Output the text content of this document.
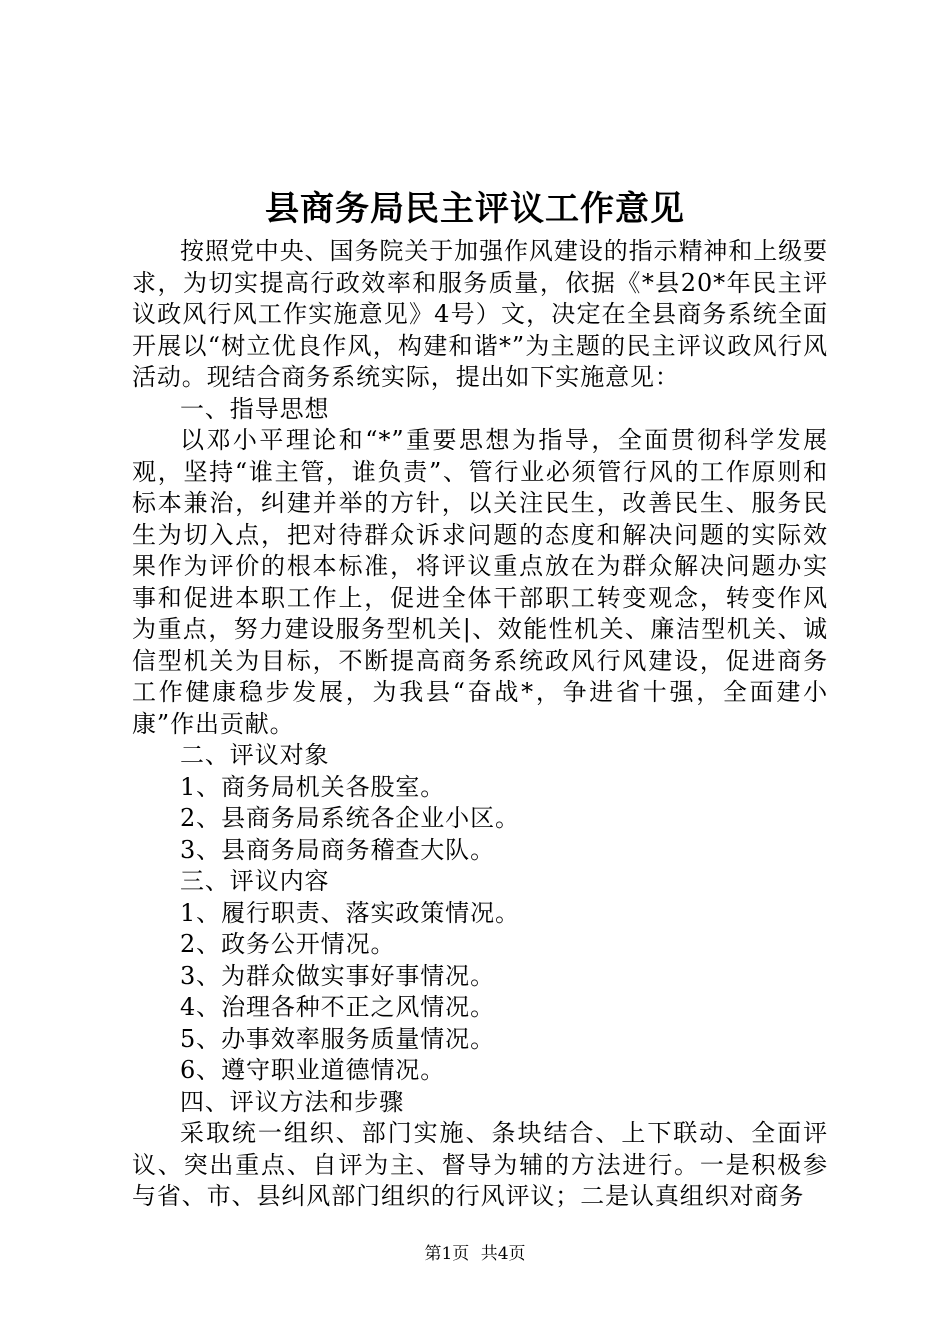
县商务局民主评议工作意见

按照党中央、国务院关于加强作风建设的指示精神和上级要求，为切实提高行政效率和服务质量，依据《*县20*年民主评议政风行风工作实施意见》4号）文，决定在全县商务系统全面开展以“树立优良作风，构建和谐*”为主题的民主评议政风行风活动。现结合商务系统实际，提出如下实施意见：

一、指导思想

以邓小平理论和“*”重要思想为指导，全面贯彻科学发展观，坚持“谁主管，谁负责”、管行业必须管行风的工作原则和标本兼治，纠建并举的方针，以关注民生，改善民生、服务民生为切入点，把对待群众诉求问题的态度和解决问题的实际效果作为评价的根本标准，将评议重点放在为群众解决问题办实事和促进本职工作上，促进全体干部职工转变观念，转变作风为重点，努力建设服务型机关|、效能性机关、廉洁型机关、诚信型机关为目标，不断提高商务系统政风行风建设，促进商务工作健康稳步发展，为我县“奋战*，争进省十强，全面建小康”作出贡献。

二、评议对象

1、商务局机关各股室。

2、县商务局系统各企业小区。

3、县商务局商务稽查大队。

三、评议内容

1、履行职责、落实政策情况。

2、政务公开情况。

3、为群众做实事好事情况。

4、治理各种不正之风情况。

5、办事效率服务质量情况。

6、遵守职业道德情况。

四、评议方法和步骤

采取统一组织、部门实施、条块结合、上下联动、全面评议、突出重点、自评为主、督导为辅的方法进行。一是积极参与省、市、县纠风部门组织的行风评议；二是认真组织对商务

第1页 共4页
